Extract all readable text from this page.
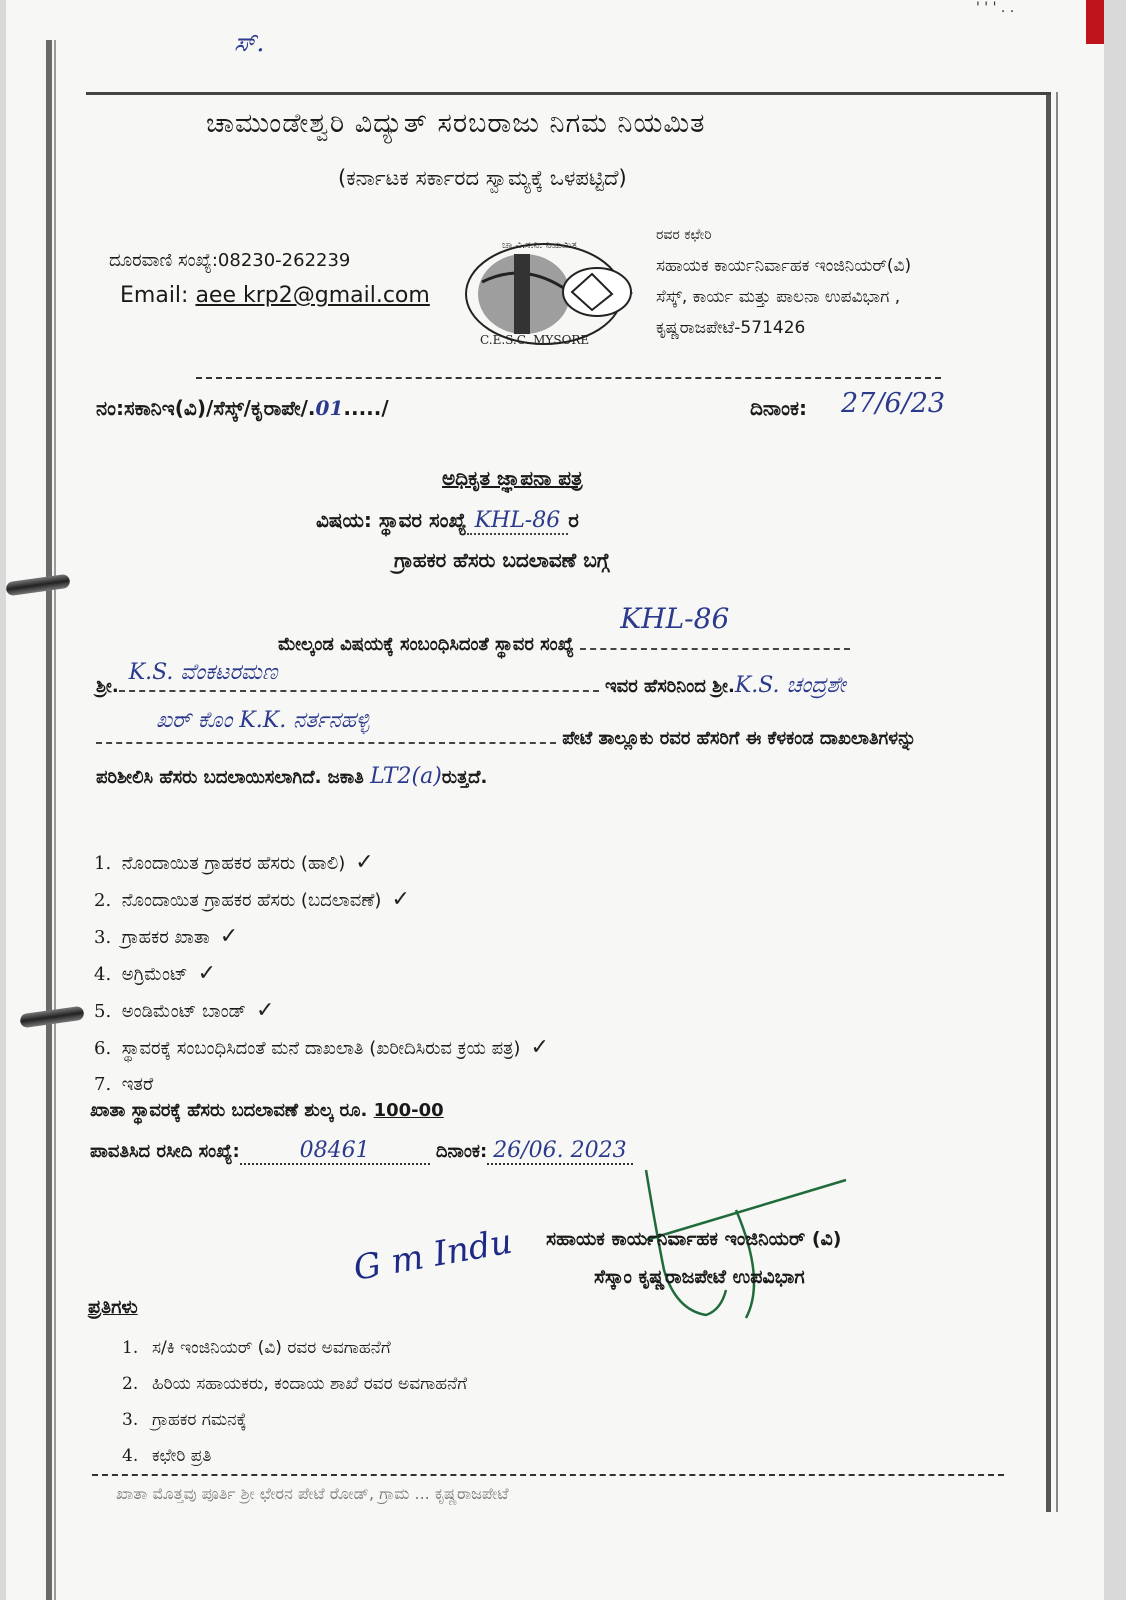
' ' ' . .
ಸ್.
ಚಾಮುಂಡೇಶ್ವರಿ ವಿದ್ಯುತ್ ಸರಬರಾಜು ನಿಗಮ ನಿಯಮಿತ
(ಕರ್ನಾಟಕ ಸರ್ಕಾರದ ಸ್ವಾಮ್ಯಕ್ಕೆ ಒಳಪಟ್ಟಿದೆ)
ದೂರವಾಣಿ ಸಂಖ್ಯೆ:08230-262239
Email: aee krp2@gmail.com
ಚಾ.ವಿ.ಸ.ನಿ. ನಿಯಮಿತ
C.E.S.C. MYSORE
ರವರ ಕಛೇರಿ
ಸಹಾಯಕ ಕಾರ್ಯನಿರ್ವಾಹಕ ಇಂಜಿನಿಯರ್(ವಿ)
ಸೆಸ್ಕ್, ಕಾರ್ಯ ಮತ್ತು ಪಾಲನಾ ಉಪವಿಭಾಗ ,
ಕೃಷ್ಣರಾಜಪೇಟೆ-571426
ನಂ:ಸಕಾನಿಇ(ವಿ)/ಸೆಸ್ಕ್/ಕೃರಾಪೇ/.01...../	ದಿನಾಂಕ: 27/6/23
ಅಧಿಕೃತ ಜ್ಞಾಪನಾ ಪತ್ರ
ವಿಷಯ: ಸ್ಥಾವರ ಸಂಖ್ಯೆ KHL-86 ರ
ಗ್ರಾಹಕರ ಹೆಸರು ಬದಲಾವಣೆ ಬಗ್ಗೆ
ಮೇಲ್ಕಂಡ ವಿಷಯಕ್ಕೆ ಸಂಬಂಧಿಸಿದಂತೆ ಸ್ಥಾವರ ಸಂಖ್ಯೆ
KHL-86
ಶ್ರೀ.
K.S. ವೆಂಕಟರಮಣ
ಇವರ ಹೆಸರಿನಿಂದ ಶ್ರೀ.K.S. ಚಂದ್ರಶೇ
ಖರ್ ಕೊಂ K.K. ನರ್ತನಹಳ್ಳಿ
ಪೇಟೆ ತಾಲ್ಲೂಕು ರವರ ಹೆಸರಿಗೆ ಈ ಕೆಳಕಂಡ ದಾಖಲಾತಿಗಳನ್ನು
ಪರಿಶೀಲಿಸಿ ಹೆಸರು ಬದಲಾಯಿಸಲಾಗಿದೆ. ಜಕಾತಿ LT2(a)ರುತ್ತದೆ.
1. ನೊಂದಾಯಿತ ಗ್ರಾಹಕರ ಹೆಸರು (ಹಾಲಿ) ✓
2. ನೊಂದಾಯಿತ ಗ್ರಾಹಕರ ಹೆಸರು (ಬದಲಾವಣೆ) ✓
3. ಗ್ರಾಹಕರ ಖಾತಾ ✓
4. ಅಗ್ರಿಮೆಂಟ್ ✓
5. ಅಂಡಿಮೆಂಟ್ ಬಾಂಡ್ ✓
6. ಸ್ಥಾವರಕ್ಕೆ ಸಂಬಂಧಿಸಿದಂತೆ ಮನೆ ದಾಖಲಾತಿ (ಖರೀದಿಸಿರುವ ಕ್ರಯ ಪತ್ರ) ✓
7. ಇತರೆ
ಖಾತಾ ಸ್ಥಾವರಕ್ಕೆ ಹೆಸರು ಬದಲಾವಣೆ ಶುಲ್ಕ ರೂ. 100-00
ಪಾವತಿಸಿದ ರಸೀದಿ ಸಂಖ್ಯೆ:	08461	ದಿನಾಂಕ: 26/06. 2023
G m Indu ಸಹಾಯಕ ಕಾರ್ಯನಿರ್ವಾಹಕ ಇಂಜಿನಿಯರ್ (ವಿ)
ಸೆಸ್ಕಾಂ ಕೃಷ್ಣರಾಜಪೇಟೆ ಉಪವಿಭಾಗ
ಪ್ರತಿಗಳು
1. ಸ/ಕಿ ಇಂಜಿನಿಯರ್ (ವಿ) ರವರ ಅವಗಾಹನೆಗೆ
2. ಹಿರಿಯ ಸಹಾಯಕರು, ಕಂದಾಯ ಶಾಖೆ ರವರ ಅವಗಾಹನೆಗೆ
3. ಗ್ರಾಹಕರ ಗಮನಕ್ಕೆ
4. ಕಛೇರಿ ಪ್ರತಿ
ಖಾತಾ ಮೊತ್ತವು ಪೂರ್ತಿ ಶ್ರೀ ಛೇರನ ಪೇಟೆ ರೋಡ್, ಗ್ರಾಮ ... ಕೃಷ್ಣರಾಜಪೇಟೆ
